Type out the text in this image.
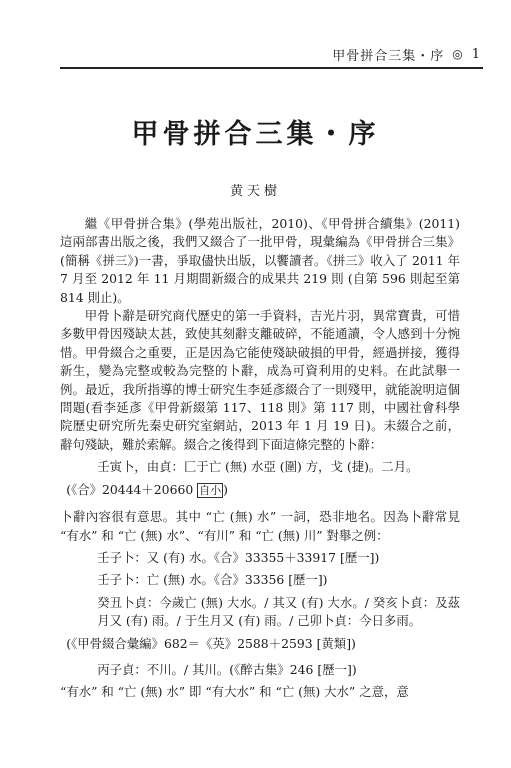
甲骨拼合三集・序 ◎ 1
甲骨拼合三集・序
黄天樹

繼《甲骨拼合集》(學苑出版社，2010)、《甲骨拼合續集》(2011) 這兩部書出版之後，我們又綴合了一批甲骨，現彙編為《甲骨拼合三集》(簡稱《拼三》)一書，爭取儘快出版，以饗讀者。《拼三》收入了 2011 年 7 月至 2012 年 11 月期間新綴合的成果共 219 則 (自第 596 則起至第 814 則止)。

甲骨卜辭是研究商代歷史的第一手資料，吉光片羽，異常寶貴，可惜多數甲骨因殘缺太甚，致使其刻辭支離破碎，不能通讀，令人感到十分惋惜。甲骨綴合之重要，正是因為它能使殘缺破損的甲骨，經過拼接，獲得新生，變為完整或較為完整的卜辭，成為可資利用的史料。在此試舉一例。最近，我所指導的博士研究生李延彥綴合了一則殘甲，就能說明這個問題(看李延彥《甲骨新綴第 117、118 則》第 117 則，中國社會科學院歷史研究所先秦史研究室網站，2013 年 1 月 19 日)。未綴合之前，辭句殘缺，難於索解。綴合之後得到下面這條完整的卜辭：

壬寅卜，由貞：匚于亡 (無) 水亞 (圍) 方，戈 (捷)。二月。

(《合》20444＋20660 自小 )

卜辭內容很有意思。其中 “亡 (無) 水” 一詞，恐非地名。因為卜辭常見 “有水” 和 “亡 (無) 水”、“有川” 和 “亡 (無) 川” 對舉之例：

壬子卜：又 (有) 水。《合》33355＋33917 [歷一])

壬子卜：亡 (無) 水。《合》33356 [歷一])

癸丑卜貞：今歲亡 (無) 大水。/ 其又 (有) 大水。/ 癸亥卜貞：及茲月又 (有) 雨。/ 于生月又 (有) 雨。/ 己卯卜貞：今日多雨。

(《甲骨綴合彙編》682＝《英》2588＋2593 [黄類])

丙子貞：不川。/ 其川。(《醉古集》246 [歷一])

“有水” 和 “亡 (無) 水” 即 “有大水” 和 “亡 (無) 大水” 之意，意
